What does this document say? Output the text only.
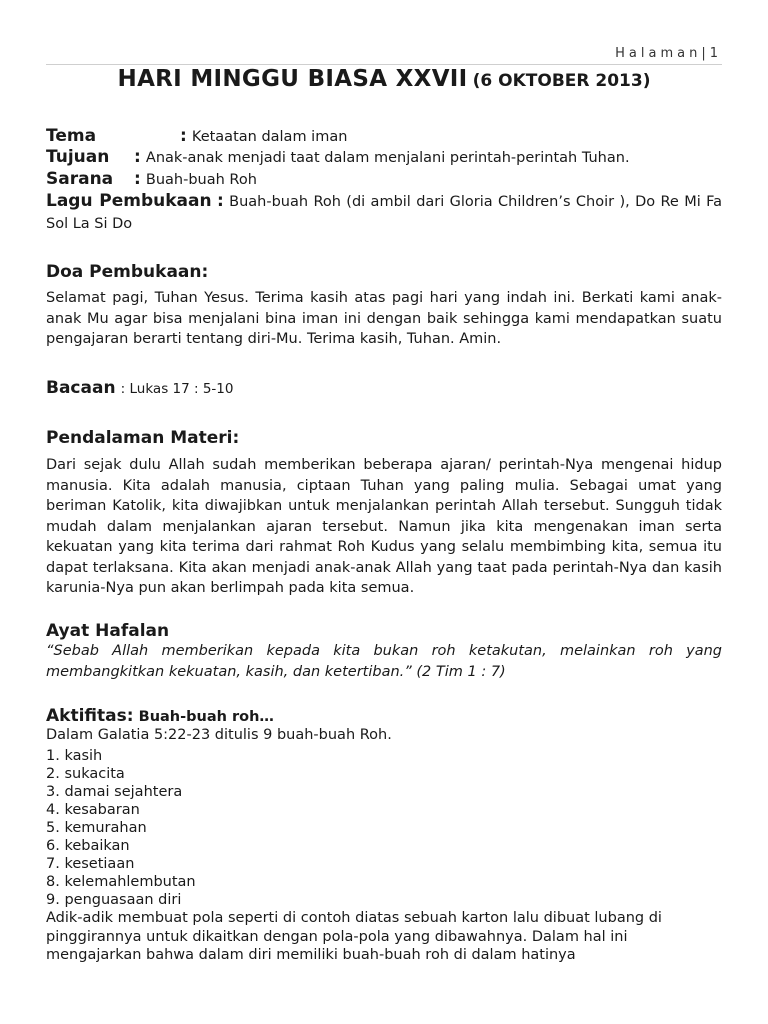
Halaman|1
HARI MINGGU BIASA XXVII (6 OKTOBER 2013)
Tema	: Ketaatan dalam iman
Tujuan : Anak-anak menjadi taat dalam menjalani perintah-perintah Tuhan.
Sarana : Buah-buah Roh

Lagu Pembukaan : Buah-buah Roh (di ambil dari Gloria Children’s Choir ), Do Re Mi Fa Sol La Si Do

Doa Pembukaan:

Selamat pagi, Tuhan Yesus. Terima kasih atas pagi hari yang indah ini. Berkati kami anak-anak Mu agar bisa menjalani bina iman ini dengan baik sehingga kami mendapatkan suatu pengajaran berarti tentang diri-Mu. Terima kasih, Tuhan. Amin.

Bacaan : Lukas 17 : 5-10

Pendalaman Materi:

Dari sejak dulu Allah sudah memberikan beberapa ajaran/ perintah-Nya mengenai hidup manusia. Kita adalah manusia, ciptaan Tuhan yang paling mulia. Sebagai umat yang beriman Katolik, kita diwajibkan untuk menjalankan perintah Allah tersebut. Sungguh tidak mudah dalam menjalankan ajaran tersebut. Namun jika kita mengenakan iman serta kekuatan yang kita terima dari rahmat Roh Kudus yang selalu membimbing kita, semua itu dapat terlaksana. Kita akan menjadi anak-anak Allah yang taat pada perintah-Nya dan kasih karunia-Nya pun akan berlimpah pada kita semua.

Ayat Hafalan

“Sebab Allah memberikan kepada kita bukan roh ketakutan, melainkan roh yang membangkitkan kekuatan, kasih, dan ketertiban.” (2 Tim 1 : 7)

Aktifitas: Buah-buah roh…

Dalam Galatia 5:22-23 ditulis 9 buah-buah Roh.

1. kasih
2. sukacita
3. damai sejahtera
4. kesabaran
5. kemurahan
6. kebaikan
7. kesetiaan
8. kelemahlembutan
9. penguasaan diri

Adik-adik membuat pola seperti di contoh diatas sebuah karton lalu dibuat lubang di pinggirannya untuk dikaitkan dengan pola-pola yang dibawahnya. Dalam hal ini mengajarkan bahwa dalam diri memiliki buah-buah roh di dalam hatinya
